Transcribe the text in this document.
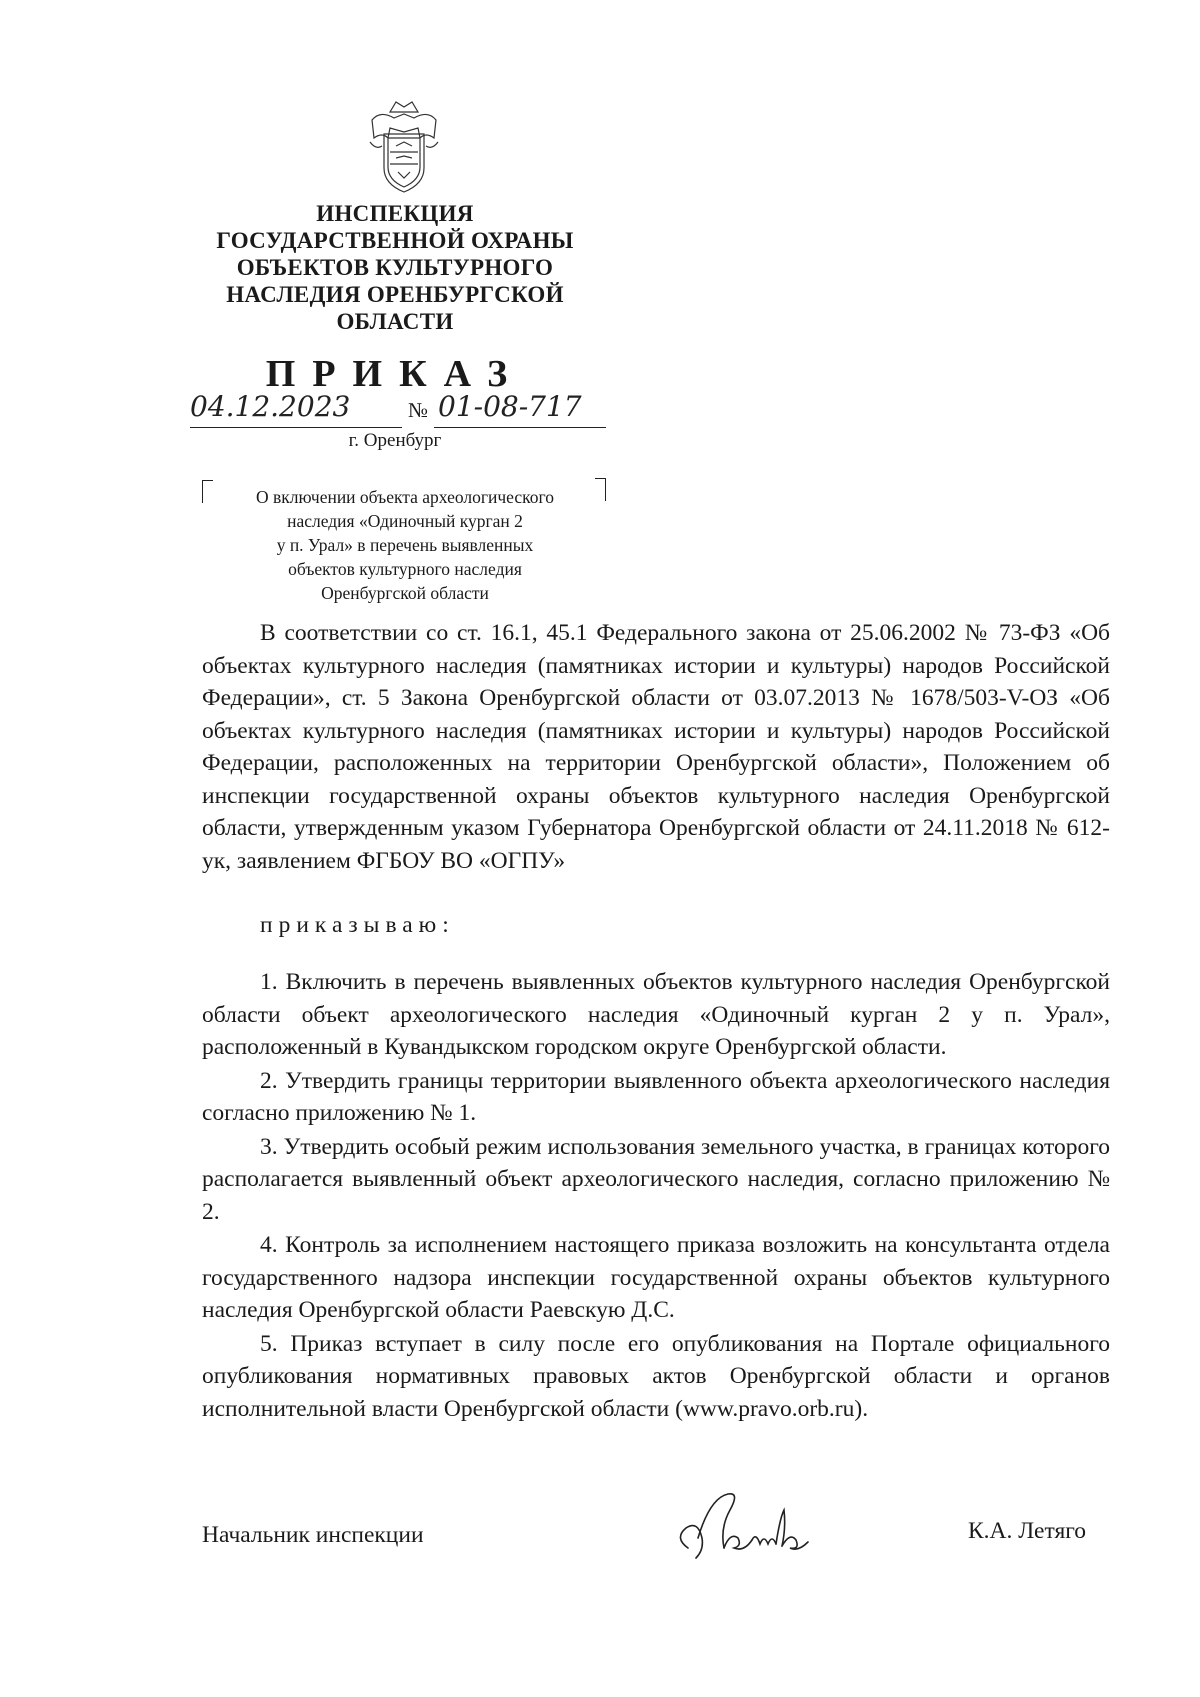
ИНСПЕКЦИЯ
ГОСУДАРСТВЕННОЙ ОХРАНЫ
ОБЪЕКТОВ КУЛЬТУРНОГО
НАСЛЕДИЯ ОРЕНБУРГСКОЙ
ОБЛАСТИ
ПРИКАЗ
04.12.2023	№ 01-08-717
г. Оренбург
О включении объекта археологического
наследия «Одиночный курган 2
у п. Урал» в перечень выявленных
объектов культурного наследия
Оренбургской области

В соответствии со ст. 16.1, 45.1 Федерального закона от 25.06.2002 № 73-ФЗ «Об объектах культурного наследия (памятниках истории и культуры) народов Российской Федерации», ст. 5 Закона Оренбургской области от 03.07.2013 № 1678/503-V-ОЗ «Об объектах культурного наследия (памятниках истории и культуры) народов Российской Федерации, расположенных на территории Оренбургской области», Положением об инспекции государственной охраны объектов культурного наследия Оренбургской области, утвержденным указом Губернатора Оренбургской области от 24.11.2018 № 612-ук, заявлением ФГБОУ ВО «ОГПУ»

приказываю:

1. Включить в перечень выявленных объектов культурного наследия Оренбургской области объект археологического наследия «Одиночный курган 2 у п. Урал», расположенный в Кувандыкском городском округе Оренбургской области.

2. Утвердить границы территории выявленного объекта археологического наследия согласно приложению № 1.

3. Утвердить особый режим использования земельного участка, в границах которого располагается выявленный объект археологического наследия, согласно приложению № 2.

4. Контроль за исполнением настоящего приказа возложить на консультанта отдела государственного надзора инспекции государственной охраны объектов культурного наследия Оренбургской области Раевскую Д.С.

5. Приказ вступает в силу после его опубликования на Портале официального опубликования нормативных правовых актов Оренбургской области и органов исполнительной власти Оренбургской области (www.pravo.orb.ru).

Начальник инспекции	К.А. Летяго
